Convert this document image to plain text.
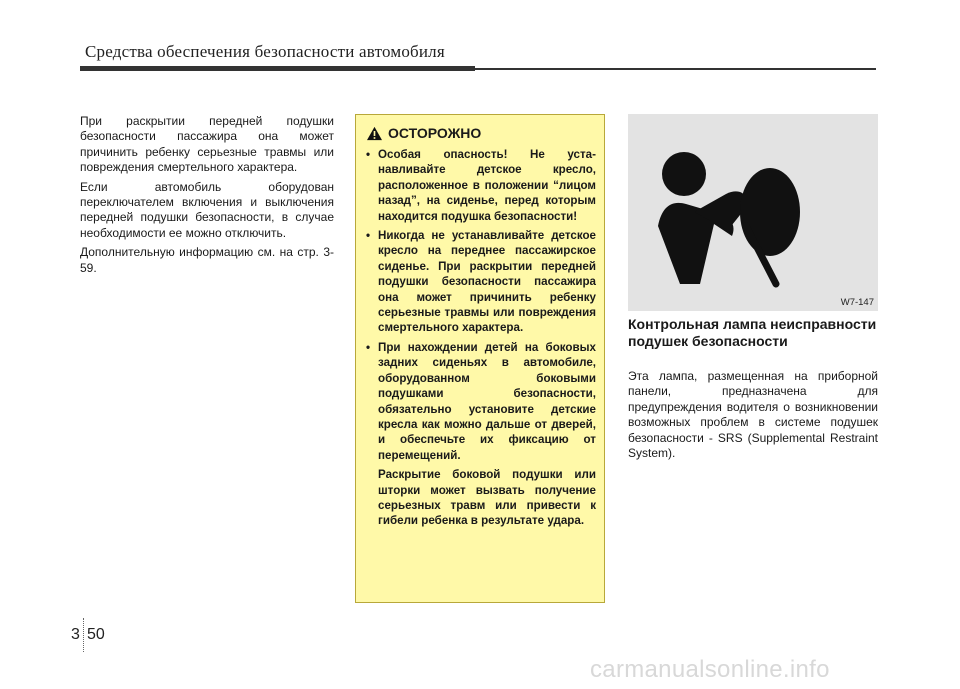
Средства обеспечения безопасности автомобиля

При раскрытии передней подушки безопасности пассажира она может причинить ребенку серьезные травмы или повреждения смертельного характера.

Если автомобиль оборудован переключателем включения и выключения передней подушки безопасности, в случае необходимости ее можно отключить.

Дополнительную информацию см. на стр. 3-59.

ОСТОРОЖНО
• Особая опасность! Не уста-навливайте детское кресло, расположенное в положении “лицом назад”, на сиденье, перед которым находится подушка безопасности!
• Никогда не устанавливайте детское кресло на переднее пассажирское сиденье. При раскрытии передней подушки безопасности пассажира она может причинить ребенку серьезные травмы или повреждения смертельного характера.
• При нахождении детей на боковых задних сиденьях в автомобиле, оборудованном боковыми подушками безопасности, обязательно установите детские кресла как можно дальше от дверей, и обеспечьте их фиксацию от перемещений.
Раскрытие боковой подушки или шторки может вызвать получение серьезных травм или привести к гибели ребенка в результате удара.
W7-147
Контрольная лампа неисправности подушек безопасности
Эта лампа, размещенная на приборной панели, предназначена для предупреждения водителя о возникновении возможных проблем в системе подушек безопасности - SRS (Supplemental Restraint System).
3 50
carmanualsonline.info
